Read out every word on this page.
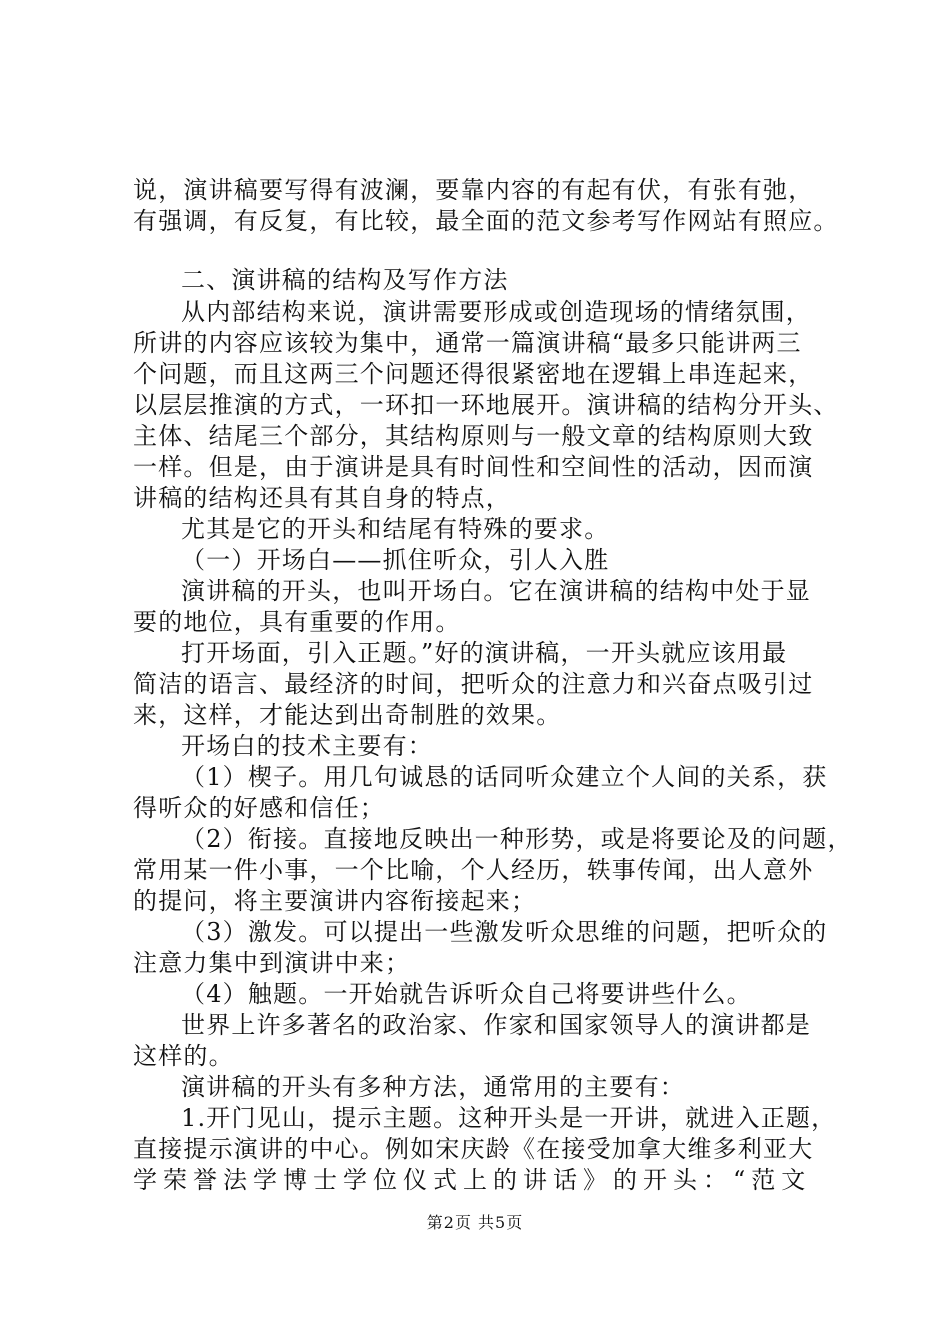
说，演讲稿要写得有波澜，要靠内容的有起有伏，有张有弛，
有强调，有反复，有比较，最全面的范文参考写作网站有照应。
二、演讲稿的结构及写作方法
从内部结构来说，演讲需要形成或创造现场的情绪氛围，
所讲的内容应该较为集中，通常一篇演讲稿“最多只能讲两三
个问题，而且这两三个问题还得很紧密地在逻辑上串连起来，
以层层推演的方式，一环扣一环地展开。演讲稿的结构分开头、
主体、结尾三个部分，其结构原则与一般文章的结构原则大致
一样。但是，由于演讲是具有时间性和空间性的活动，因而演
讲稿的结构还具有其自身的特点，
尤其是它的开头和结尾有特殊的要求。
（一）开场白——抓住听众，引人入胜
演讲稿的开头，也叫开场白。它在演讲稿的结构中处于显
要的地位，具有重要的作用。
打开场面，引入正题。”好的演讲稿，一开头就应该用最
简洁的语言、最经济的时间，把听众的注意力和兴奋点吸引过
来，这样，才能达到出奇制胜的效果。
开场白的技术主要有：
（1）楔子。用几句诚恳的话同听众建立个人间的关系，获
得听众的好感和信任；
（2）衔接。直接地反映出一种形势，或是将要论及的问题，
常用某一件小事，一个比喻，个人经历，轶事传闻，出人意外
的提问，将主要演讲内容衔接起来；
（3）激发。可以提出一些激发听众思维的问题，把听众的
注意力集中到演讲中来；
（4）触题。一开始就告诉听众自己将要讲些什么。
世界上许多著名的政治家、作家和国家领导人的演讲都是
这样的。
演讲稿的开头有多种方法，通常用的主要有：
1.开门见山，提示主题。这种开头是一开讲，就进入正题，
直接提示演讲的中心。例如宋庆龄《在接受加拿大维多利亚大
学荣誉法学博士学位仪式上的讲话》的开头：“范文
第2页 共5页
